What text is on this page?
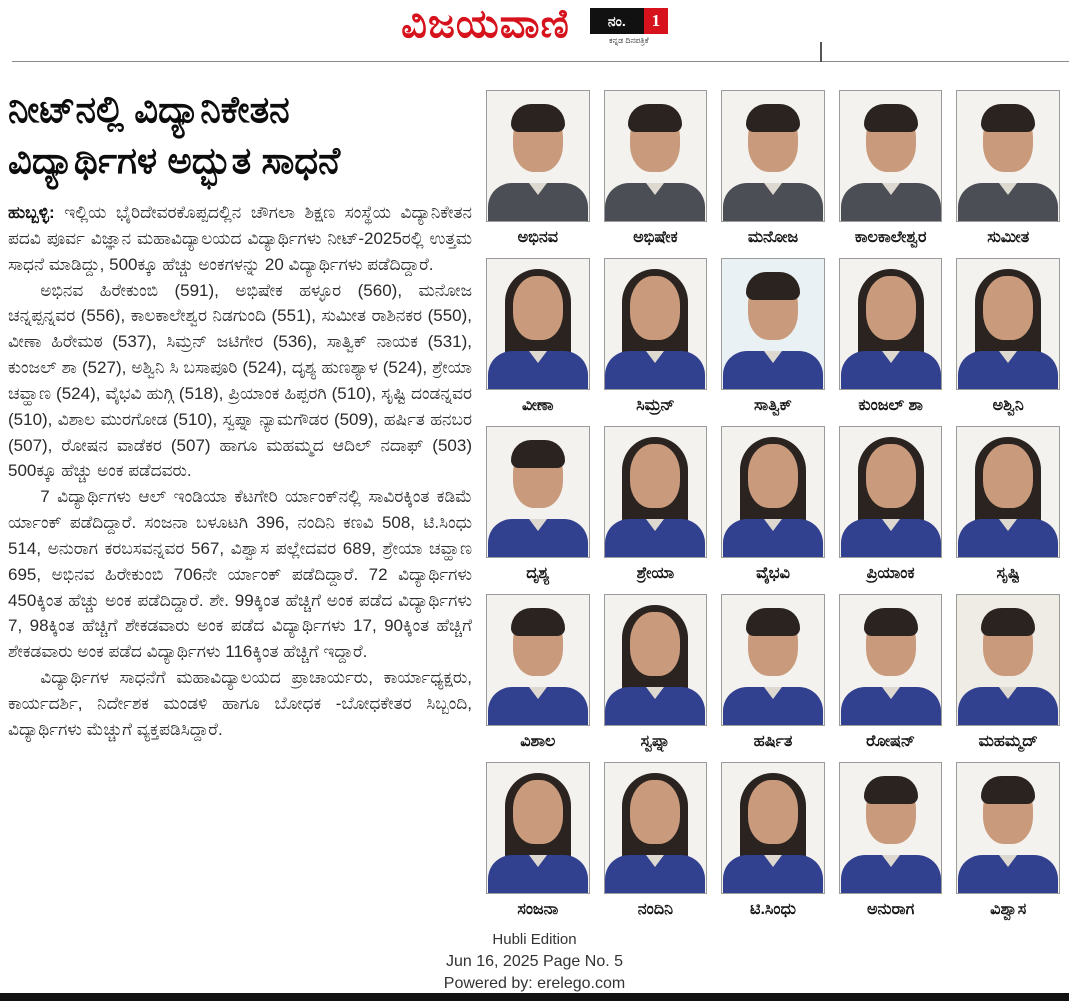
ವಿಜಯವಾಣಿ	ನಂ.	1
ಕನ್ನಡ ದಿನಪತ್ರಿಕೆ
ನೀಟ್‌ನಲ್ಲಿ ವಿದ್ಯಾನಿಕೇತನ
ವಿದ್ಯಾರ್ಥಿಗಳ ಅದ್ಭುತ ಸಾಧನೆ

ಹುಬ್ಬಳ್ಳಿ: ಇಲ್ಲಿಯ ಭೈರಿದೇವರಕೊಪ್ಪದಲ್ಲಿನ ಚೌಗಲಾ ಶಿಕ್ಷಣ ಸಂಸ್ಥೆಯ ವಿದ್ಯಾನಿಕೇತನ ಪದವಿ ಪೂರ್ವ ವಿಜ್ಞಾನ ಮಹಾವಿದ್ಯಾಲಯದ ವಿದ್ಯಾರ್ಥಿಗಳು ನೀಟ್-2025ರಲ್ಲಿ ಉತ್ತಮ ಸಾಧನೆ ಮಾಡಿದ್ದು, 500ಕ್ಕೂ ಹೆಚ್ಚು ಅಂಕಗಳನ್ನು 20 ವಿದ್ಯಾರ್ಥಿಗಳು ಪಡೆದಿದ್ದಾರೆ.

ಅಭಿನವ ಹಿರೇಕುಂಬಿ (591), ಅಭಿಷೇಕ ಹಳ್ಳೂರ (560), ಮನೋಜ ಚನ್ನಪ್ಪನ್ನವರ (556), ಕಾಲಕಾಲೇಶ್ವರ ನಿಡಗುಂದಿ (551), ಸುಮೀತ ರಾಶಿನಕರ (550), ವೀಣಾ ಹಿರೇಮಠ (537), ಸಿಮ್ರನ್ ಜಟಿಗೇರ (536), ಸಾತ್ವಿಕ್ ನಾಯಕ (531), ಕುಂಜಲ್ ಶಾ (527), ಅಶ್ವಿನಿ ಸಿ ಬಸಾಪೂರಿ (524), ದೃಶ್ಯ ಹುಣಶ್ಯಾಳ (524), ಶ್ರೇಯಾ ಚವ್ಹಾಣ (524), ವೈಭವಿ ಹುಗ್ಗಿ (518), ಪ್ರಿಯಾಂಕ ಹಿಪ್ಪರಗಿ (510), ಸೃಷ್ಟಿ ದಂಡನ್ನವರ (510), ವಿಶಾಲ ಮುರಗೋಡ (510), ಸ್ವಪ್ನಾ ನ್ಯಾಮಗೌಡರ (509), ಹರ್ಷಿತ ಹನಬರ (507), ರೋಷನ ವಾಡೆಕರ (507) ಹಾಗೂ ಮಹಮ್ಮದ ಆದಿಲ್ ನದಾಫ್ (503) 500ಕ್ಕೂ ಹೆಚ್ಚು ಅಂಕ ಪಡೆದವರು.

7 ವಿದ್ಯಾರ್ಥಿಗಳು ಆಲ್ ಇಂಡಿಯಾ ಕೆಟಗೇರಿ ರ್ಯಾಂಕ್‌ನಲ್ಲಿ ಸಾವಿರಕ್ಕಿಂತ ಕಡಿಮೆ ರ್ಯಾಂಕ್ ಪಡೆದಿದ್ದಾರೆ. ಸಂಜನಾ ಬಳೂಟಗಿ 396, ನಂದಿನಿ ಕಣವಿ 508, ಟಿ.ಸಿಂಧು 514, ಅನುರಾಗ ಕರಬಸವನ್ನವರ 567, ವಿಶ್ವಾಸ ಪಲ್ಲೇದವರ 689, ಶ್ರೇಯಾ ಚವ್ಹಾಣ 695, ಅಭಿನವ ಹಿರೇಕುಂಬಿ 706ನೇ ರ್ಯಾಂಕ್ ಪಡೆದಿದ್ದಾರೆ. 72 ವಿದ್ಯಾರ್ಥಿಗಳು 450ಕ್ಕಿಂತ ಹೆಚ್ಚು ಅಂಕ ಪಡೆದಿದ್ದಾರೆ. ಶೇ. 99ಕ್ಕಿಂತ ಹೆಚ್ಚಿಗೆ ಅಂಕ ಪಡೆದ ವಿದ್ಯಾರ್ಥಿಗಳು 7, 98ಕ್ಕಿಂತ ಹೆಚ್ಚಿಗೆ ಶೇಕಡವಾರು ಅಂಕ ಪಡೆದ ವಿದ್ಯಾರ್ಥಿಗಳು 17, 90ಕ್ಕಿಂತ ಹೆಚ್ಚಿಗೆ ಶೇಕಡವಾರು ಅಂಕ ಪಡೆದ ವಿದ್ಯಾರ್ಥಿಗಳು 116ಕ್ಕಿಂತ ಹೆಚ್ಚಿಗೆ ಇದ್ದಾರೆ.

ವಿದ್ಯಾರ್ಥಿಗಳ ಸಾಧನೆಗೆ ಮಹಾವಿದ್ಯಾಲಯದ ಪ್ರಾಚಾರ್ಯರು, ಕಾರ್ಯಾಧ್ಯಕ್ಷರು, ಕಾರ್ಯದರ್ಶಿ, ನಿರ್ದೇಶಕ ಮಂಡಳಿ ಹಾಗೂ ಬೋಧಕ -ಬೋಧಕೇತರ ಸಿಬ್ಬಂದಿ, ವಿದ್ಯಾರ್ಥಿಗಳು ಮೆಚ್ಚುಗೆ ವ್ಯಕ್ತಪಡಿಸಿದ್ದಾರೆ.

ಅಭಿನವ	ಅಭಿಷೇಕ	ಮನೋಜ	ಕಾಲಕಾಲೇಶ್ವರ	ಸುಮೀತ
ವೀಣಾ	ಸಿಮ್ರನ್	ಸಾತ್ವಿಕ್	ಕುಂಜಲ್ ಶಾ	ಅಶ್ವಿನಿ
ದೃಶ್ಯ	ಶ್ರೇಯಾ	ವೈಭವಿ	ಪ್ರಿಯಾಂಕ	ಸೃಷ್ಟಿ
ವಿಶಾಲ	ಸ್ವಪ್ನಾ	ಹರ್ಷಿತ	ರೋಷನ್	ಮಹಮ್ಮದ್
ಸಂಜನಾ	ನಂದಿನಿ	ಟಿ.ಸಿಂಧು	ಅನುರಾಗ	ವಿಶ್ವಾಸ
Hubli Edition
Jun 16, 2025 Page No. 5
Powered by: erelego.com
